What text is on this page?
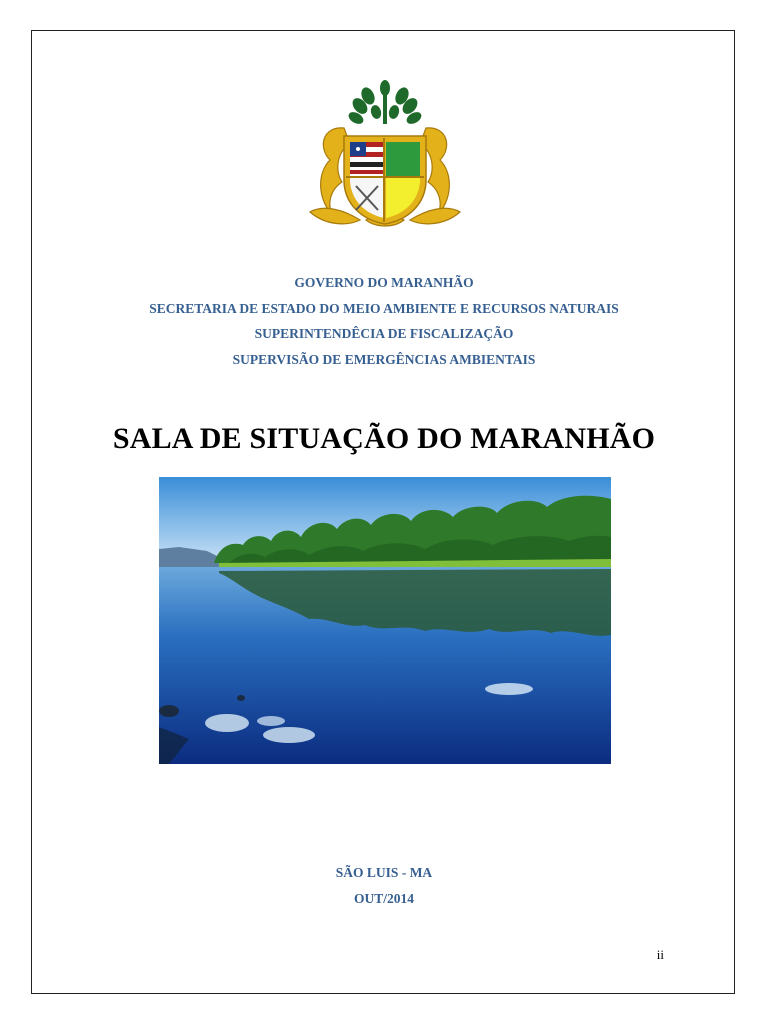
GOVERNO DO MARANHÃO
SECRETARIA DE ESTADO DO MEIO AMBIENTE E RECURSOS NATURAIS
SUPERINTENDÊCIA DE FISCALIZAÇÃO
SUPERVISÃO DE EMERGÊNCIAS AMBIENTAIS
SALA DE SITUAÇÃO DO MARANHÃO
SÃO LUIS - MA
OUT/2014
ii
